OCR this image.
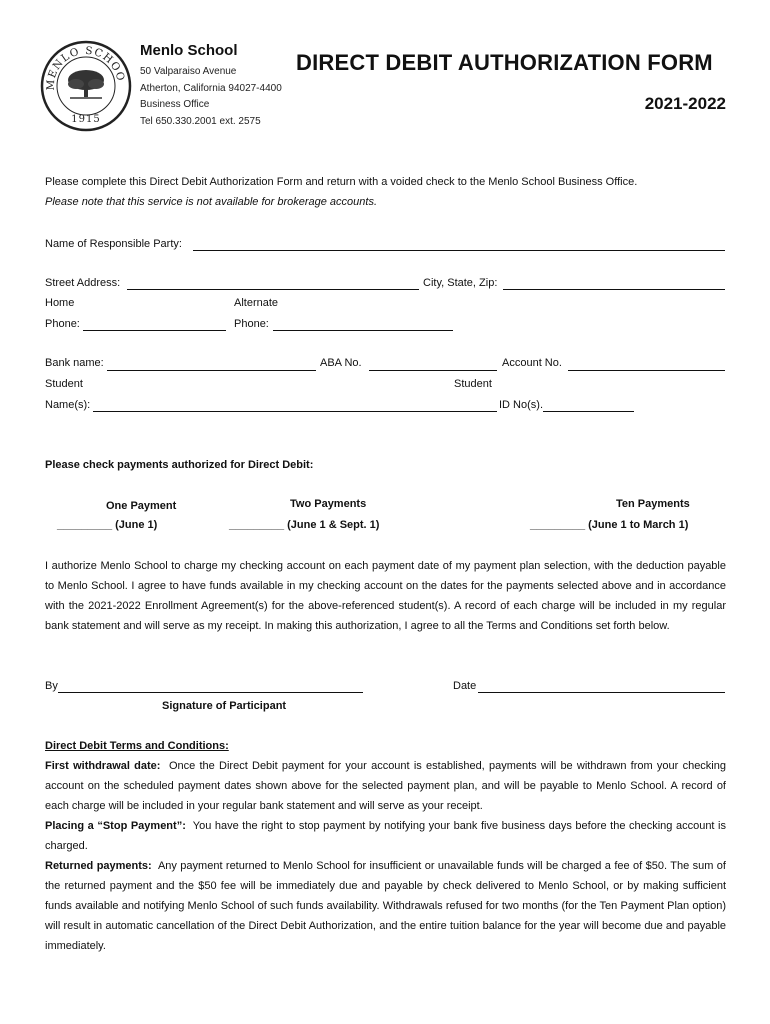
MENLO SCHOO
1915
Menlo School
50 Valparaiso Avenue
Atherton, California 94027-4400
Business Office
Tel 650.330.2001 ext. 2575
DIRECT DEBIT AUTHORIZATION FORM
2021-2022
Please complete this Direct Debit Authorization Form and return with a voided check to the Menlo School Business Office.
Please note that this service is not available for brokerage accounts.
Name of Responsible Party:
Street Address:	City, State, Zip:
Home	Alternate
Phone:	Phone:
Bank name:	ABA No.	Account No.
Student	Student
Name(s):	ID No(s).
Please check payments authorized for Direct Debit:
One Payment
_________ (June 1)
Two Payments
_________ (June 1 & Sept. 1)
Ten Payments
_________ (June 1 to March 1)
I authorize Menlo School to charge my checking account on each payment date of my payment plan selection, with the deduction payable to Menlo School. I agree to have funds available in my checking account on the dates for the payments selected above and in accordance with the 2021-2022 Enrollment Agreement(s) for the above-referenced student(s). A record of each charge will be included in my regular bank statement and will serve as my receipt. In making this authorization, I agree to all the Terms and Conditions set forth below.
By	Date
Signature of Participant
Direct Debit Terms and Conditions:
First withdrawal date: Once the Direct Debit payment for your account is established, payments will be withdrawn from your checking account on the scheduled payment dates shown above for the selected payment plan, and will be payable to Menlo School. A record of each charge will be included in your regular bank statement and will serve as your receipt.
Placing a “Stop Payment”: You have the right to stop payment by notifying your bank five business days before the checking account is charged.
Returned payments: Any payment returned to Menlo School for insufficient or unavailable funds will be charged a fee of $50. The sum of the returned payment and the $50 fee will be immediately due and payable by check delivered to Menlo School, or by making sufficient funds available and notifying Menlo School of such funds availability. Withdrawals refused for two months (for the Ten Payment Plan option) will result in automatic cancellation of the Direct Debit Authorization, and the entire tuition balance for the year will become due and payable immediately.
